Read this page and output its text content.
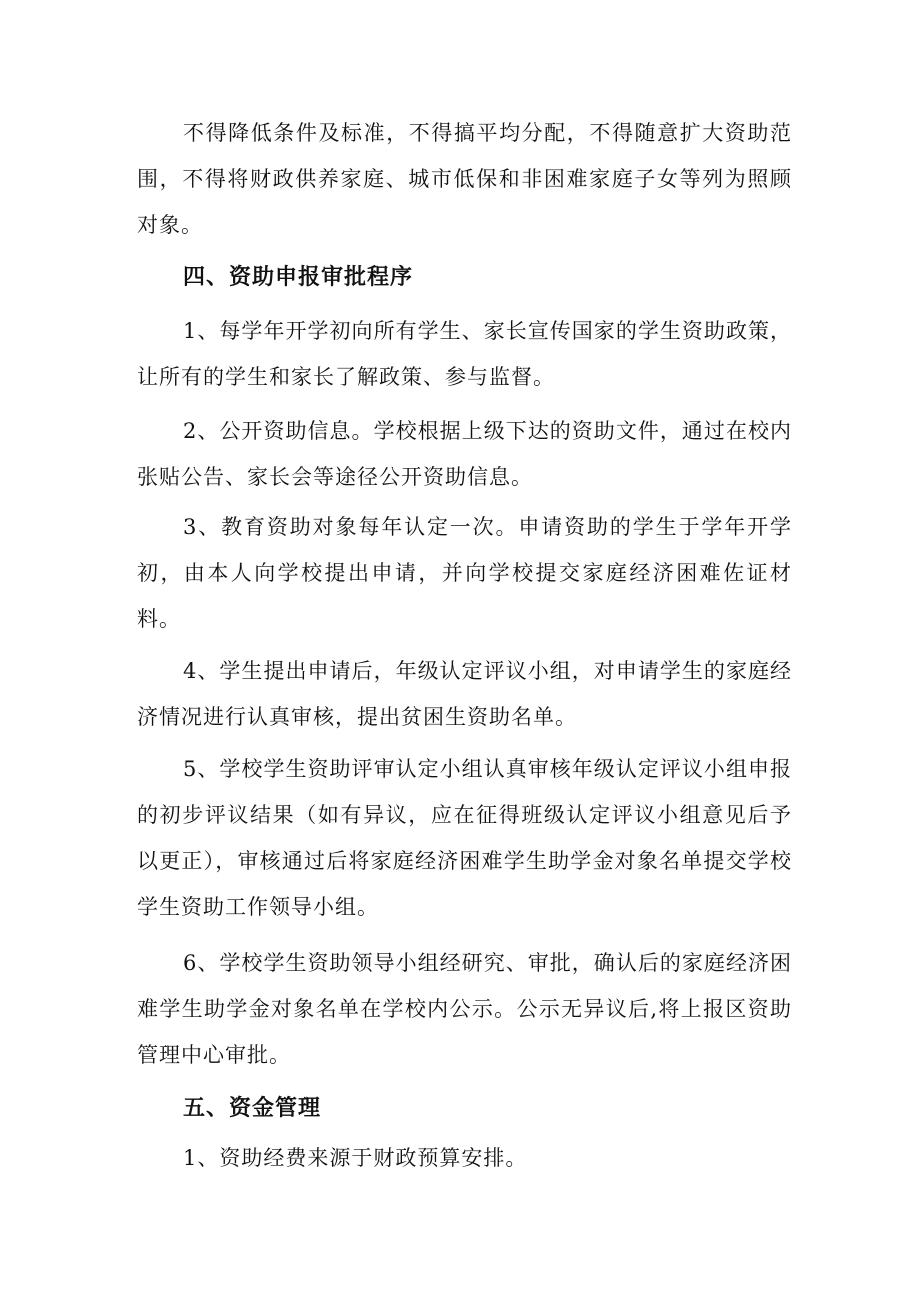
不得降低条件及标准，不得搞平均分配，不得随意扩大资助范围，不得将财政供养家庭、城市低保和非困难家庭子女等列为照顾对象。

四、资助申报审批程序

1、每学年开学初向所有学生、家长宣传国家的学生资助政策，让所有的学生和家长了解政策、参与监督。

2、公开资助信息。学校根据上级下达的资助文件，通过在校内张贴公告、家长会等途径公开资助信息。

3、教育资助对象每年认定一次。申请资助的学生于学年开学初，由本人向学校提出申请，并向学校提交家庭经济困难佐证材料。

4、学生提出申请后，年级认定评议小组，对申请学生的家庭经济情况进行认真审核，提出贫困生资助名单。

5、学校学生资助评审认定小组认真审核年级认定评议小组申报的初步评议结果（如有异议，应在征得班级认定评议小组意见后予以更正），审核通过后将家庭经济困难学生助学金对象名单提交学校学生资助工作领导小组。

6、学校学生资助领导小组经研究、审批，确认后的家庭经济困难学生助学金对象名单在学校内公示。公示无异议后,将上报区资助管理中心审批。

五、资金管理

1、资助经费来源于财政预算安排。
